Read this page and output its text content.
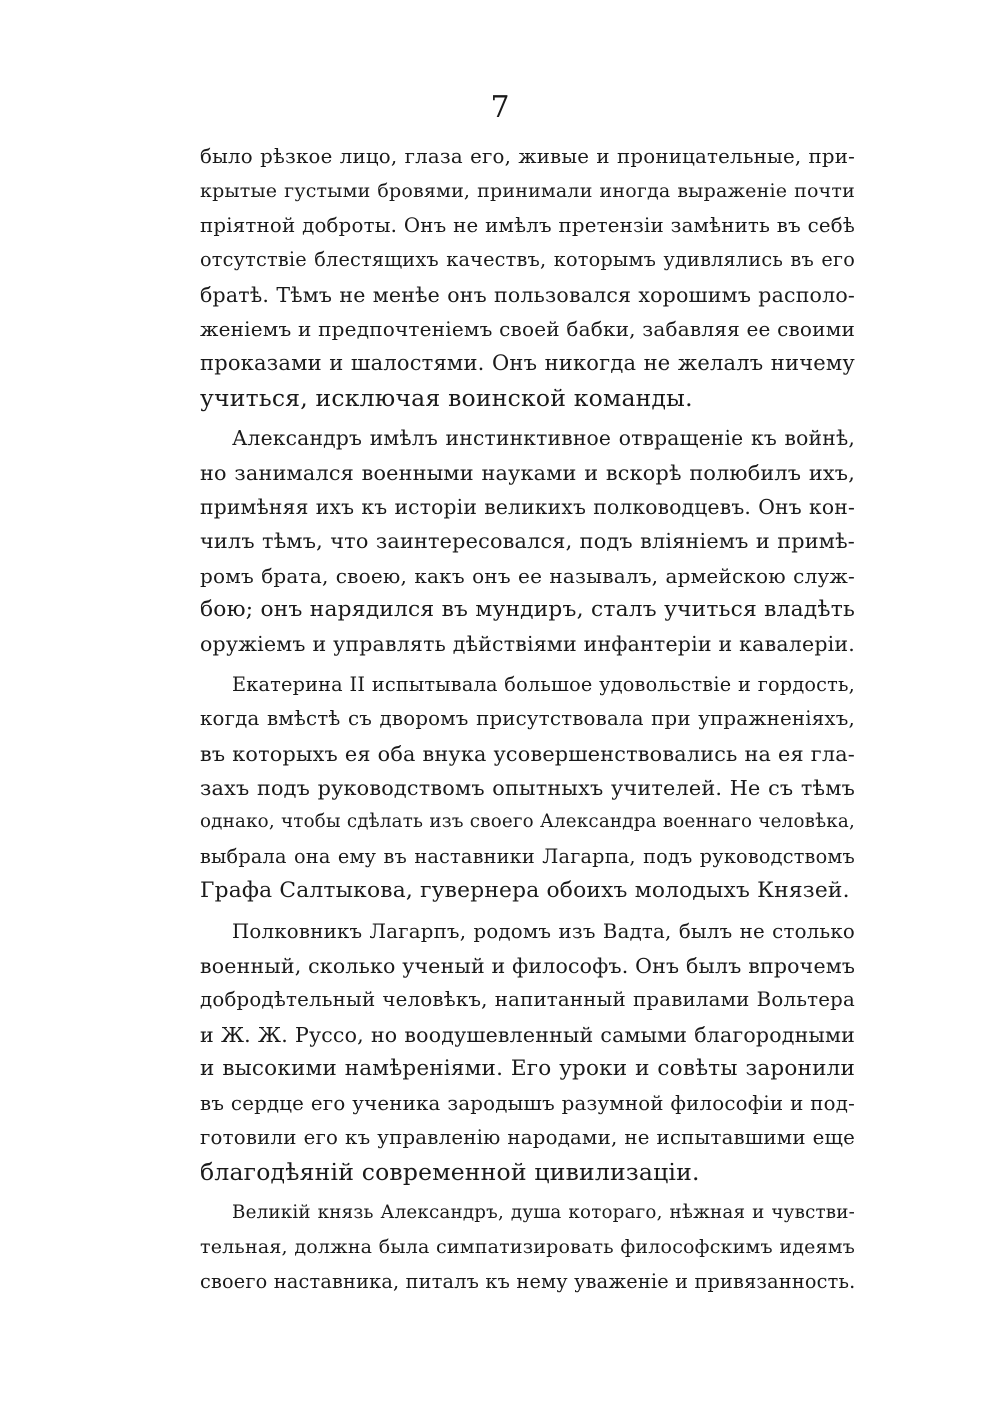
7
было рѣзкое лицо, глаза его, живые и проницательные, при-
крытые густыми бровями, принимали иногда выраженіе почти
пріятной доброты. Онъ не имѣлъ претензіи замѣнить въ себѣ
отсутствіе блестящихъ качествъ, которымъ удивлялись въ его
братѣ. Тѣмъ не менѣе онъ пользовался хорошимъ располо-
женіемъ и предпочтеніемъ своей бабки, забавляя ее своими
проказами и шалостями. Онъ никогда не желалъ ничему
учиться, исключая воинской команды.
Александръ имѣлъ инстинктивное отвращеніе къ войнѣ,
но занимался военными науками и вскорѣ полюбилъ ихъ,
примѣняя ихъ къ исторіи великихъ полководцевъ. Онъ кон-
чилъ тѣмъ, что заинтересовался, подъ вліяніемъ и примѣ-
ромъ брата, своею, какъ онъ ее называлъ, армейскою служ-
бою; онъ нарядился въ мундиръ, сталъ учиться владѣть
оружіемъ и управлять дѣйствіями инфантеріи и кавалеріи.
Екатерина II испытывала большое удовольствіе и гордость,
когда вмѣстѣ съ дворомъ присутствовала при упражненіяхъ,
въ которыхъ ея оба внука усовершенствовались на ея гла-
захъ подъ руководствомъ опытныхъ учителей. Не съ тѣмъ
однако, чтобы сдѣлать изъ своего Александра военнаго человѣка,
выбрала она ему въ наставники Лагарпа, подъ руководствомъ
Графа Салтыкова, гувернера обоихъ молодыхъ Князей.
Полковникъ Лагарпъ, родомъ изъ Вадта, былъ не столько
военный, сколько ученый и философъ. Онъ былъ впрочемъ
добродѣтельный человѣкъ, напитанный правилами Вольтера
и Ж. Ж. Руссо, но воодушевленный самыми благородными
и высокими намѣреніями. Его уроки и совѣты заронили
въ сердце его ученика зародышъ разумной философіи и под-
готовили его къ управленію народами, не испытавшими еще
благодѣяній современной цивилизаціи.
Великій князь Александръ, душа котораго, нѣжная и чувстви-
тельная, должна была симпатизировать философскимъ идеямъ
своего наставника, питалъ къ нему уваженіе и привязанность.
